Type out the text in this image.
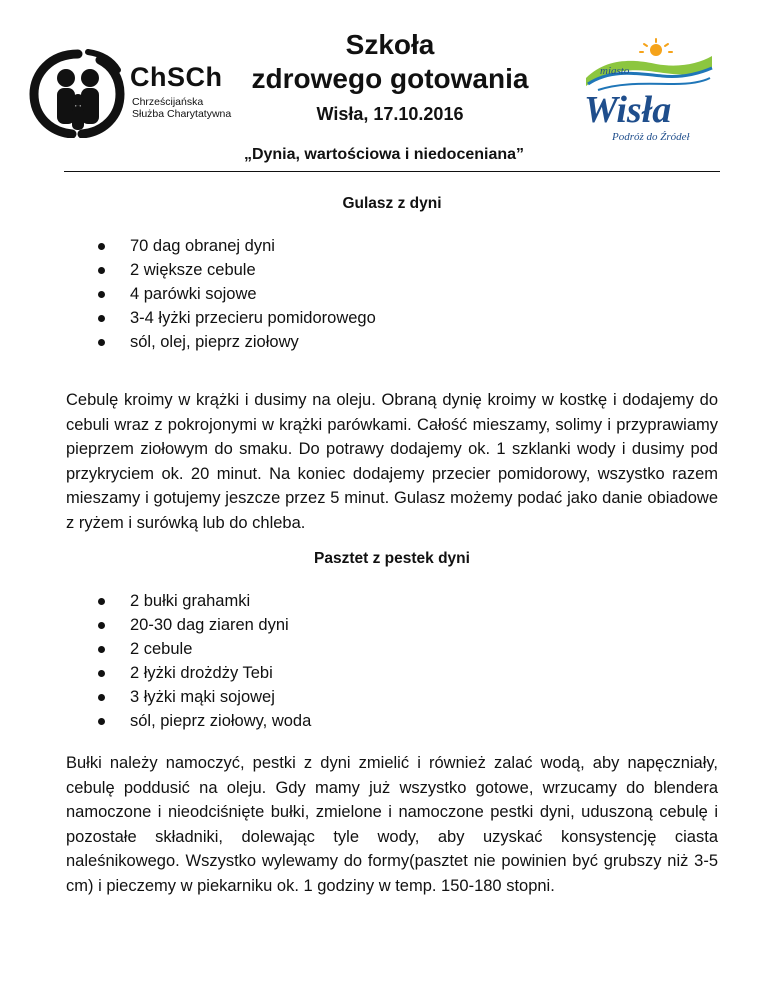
ChSCh
Chrześcijańska
Służba Charytatywna
Szkoła
zdrowego gotowania
Wisła, 17.10.2016
miasto
Wisła
Podróż do Źródeł
„Dynia, wartościowa i niedoceniana”
Gulasz z dyni
70 dag obranej dyni
2 większe cebule
4 parówki sojowe
3-4 łyżki przecieru pomidorowego
sól, olej, pieprz ziołowy

Cebulę kroimy w krążki i dusimy na oleju. Obraną dynię kroimy w kostkę i dodajemy do cebuli wraz z pokrojonymi w krążki parówkami. Całość mieszamy, solimy i przyprawiamy pieprzem ziołowym do smaku. Do potrawy dodajemy ok. 1 szklanki wody i dusimy pod przykryciem ok. 20 minut. Na koniec dodajemy przecier pomidorowy, wszystko razem mieszamy i gotujemy jeszcze przez 5 minut. Gulasz możemy podać jako danie obiadowe z ryżem i surówką lub do chleba.

Pasztet z pestek dyni
2 bułki grahamki
20-30 dag ziaren dyni
2 cebule
2 łyżki drożdży Tebi
3 łyżki mąki sojowej
sól, pieprz ziołowy, woda

Bułki należy namoczyć, pestki z dyni zmielić i również zalać wodą, aby napęczniały, cebulę poddusić na oleju. Gdy mamy już wszystko gotowe, wrzucamy do blendera namoczone i nieodciśnięte bułki, zmielone i namoczone pestki dyni, uduszoną cebulę i pozostałe składniki, dolewając tyle wody, aby uzyskać konsystencję ciasta naleśnikowego. Wszystko wylewamy do formy(pasztet nie powinien być grubszy niż 3-5 cm) i pieczemy w piekarniku ok. 1 godziny w temp. 150-180 stopni.
